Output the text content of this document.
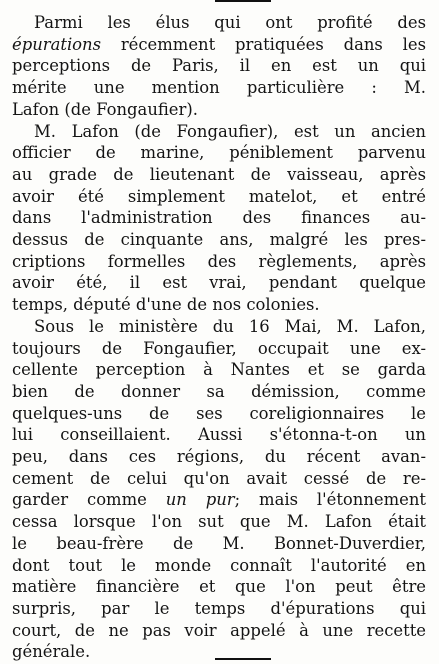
Parmi les élus qui ont profité des
épurations récemment pratiquées dans les
perceptions de Paris, il en est un qui
mérite une mention particulière : M.
Lafon (de Fongaufier).

M. Lafon (de Fongaufier), est un ancien
officier de marine, péniblement parvenu
au grade de lieutenant de vaisseau, après
avoir été simplement matelot, et entré
dans l'administration des finances au-
dessus de cinquante ans, malgré les pres-
criptions formelles des règlements, après
avoir été, il est vrai, pendant quelque
temps, député d'une de nos colonies.

Sous le ministère du 16 Mai, M. Lafon,
toujours de Fongaufier, occupait une ex-
cellente perception à Nantes et se garda
bien de donner sa démission, comme
quelques-uns de ses coreligionnaires le
lui conseillaient. Aussi s'étonna-t-on un
peu, dans ces régions, du récent avan-
cement de celui qu'on avait cessé de re-
garder comme un pur; mais l'étonnement
cessa lorsque l'on sut que M. Lafon était
le beau-frère de M. Bonnet-Duverdier,
dont tout le monde connaît l'autorité en
matière financière et que l'on peut être
surpris, par le temps d'épurations qui
court, de ne pas voir appelé à une recette
générale.
